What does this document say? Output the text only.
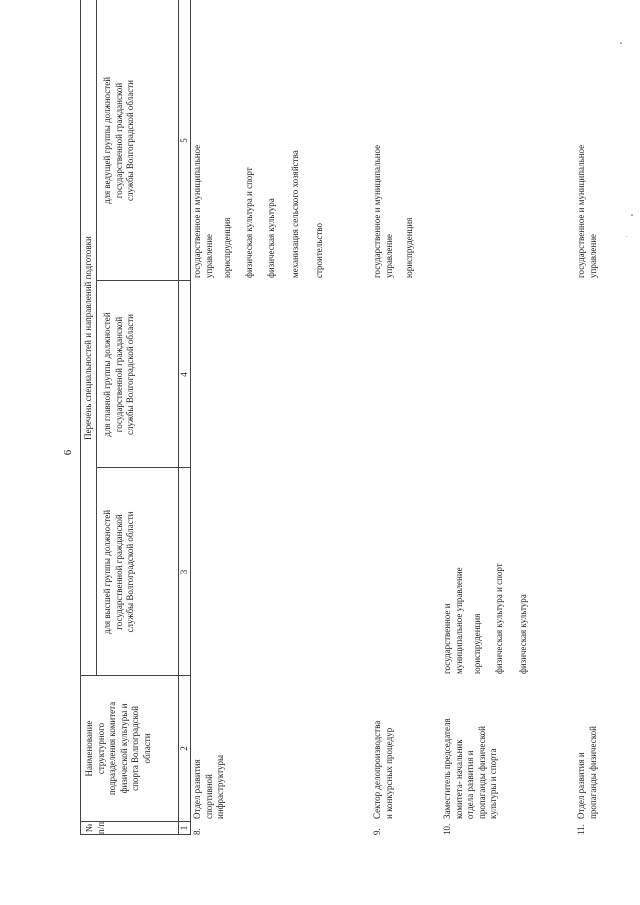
6
№
п/п
Наименование
структурного
подразделения комитета
физической культуры и
спорта Волгоградской
области
Перечень специальностей и направлений подготовки
для высшей группы должностей
государственной гражданской
службы Волгоградской области
для главной группы должностей
государственной гражданской
службы Волгоградской области
для ведущей группы должностей
государственной гражданской
службы Волгоградской области
1
2
3
4
5
8.
Отдел развития
спортивной
инфраструктуры
государственное и муниципальное
управление юриспруденция физическая культура и спорт физическая культура механизация сельского хозяйства строительство
9.
Сектор делопроизводства
и конкурсных процедур
государственное и муниципальное
управление юриспруденция
10.
Заместитель председателя
комитета- начальник
отдела развития и
пропаганды физической
культуры и спорта
государственное и
муниципальное управление
юриспруденция физическая культура и спорт физическая культура
11.
Отдел развития и
пропаганды физической
государственное и муниципальное
управление
